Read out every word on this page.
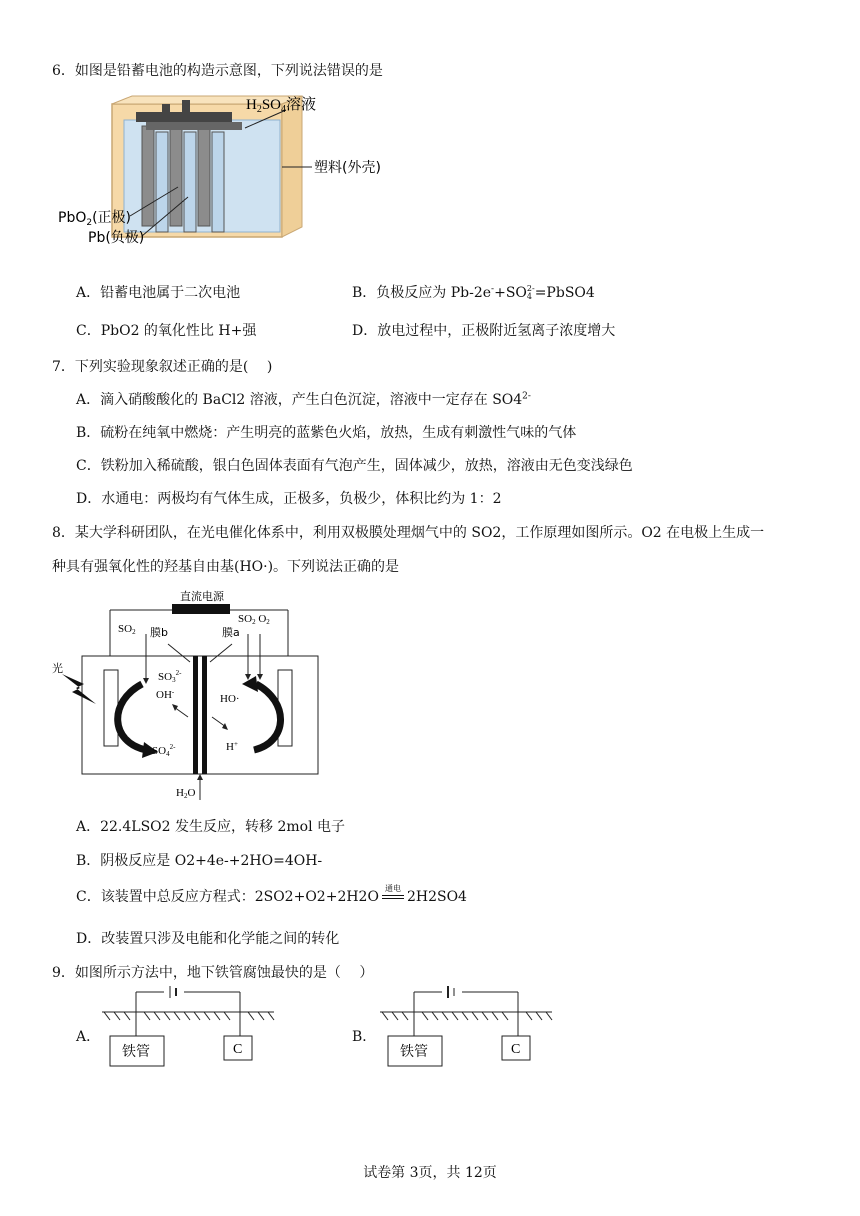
6．如图是铅蓄电池的构造示意图，下列说法错误的是
$H_2SO_4$溶液
塑料(外壳)
PbO$_2$(正极)
Pb(负极)
A．铅蓄电池属于二次电池	B．负极反应为 Pb-2e-+SO 2-
4 =PbSO4
C．PbO2 的氧化性比 H+强	D．放电过程中，正极附近氢离子浓度增大
7．下列实验现象叙述正确的是(　 )
A．滴入硝酸酸化的 BaCl2 溶液，产生白色沉淀，溶液中一定存在 $SO4^{2-}$
B．硫粉在纯氧中燃烧：产生明亮的蓝紫色火焰，放热，生成有刺激性气味的气体
C．铁粉加入稀硫酸，银白色固体表面有气泡产生，固体减少，放热，溶液由无色变浅绿色
D．水通电：两极均有气体生成，正极多，负极少，体积比约为 1：2
8．某大学科研团队，在光电催化体系中，利用双极膜处理烟气中的 SO2，工作原理如图所示。O2 在电极上生成一
种具有强氧化性的羟基自由基(HO·)。下列说法正确的是
直流电源
光
SO2 膜b	膜a
SO2 O2
$SO3^{2-}$
OH-
$SO4^{2-}$
HO·
H+
H2O
A．22.4LSO2 发生反应，转移 2mol 电子
B．阴极反应是 O2+4e-+2HO=4OH-
C．该装置中总反应方程式：2SO2+O2+2H2O
通电
2H2SO4
D．改装置只涉及电能和化学能之间的转化
9．如图所示方法中，地下铁管腐蚀最快的是（　 ）
A．
铁管	C
B．
铁管	C
试卷第 3页，共 12页
